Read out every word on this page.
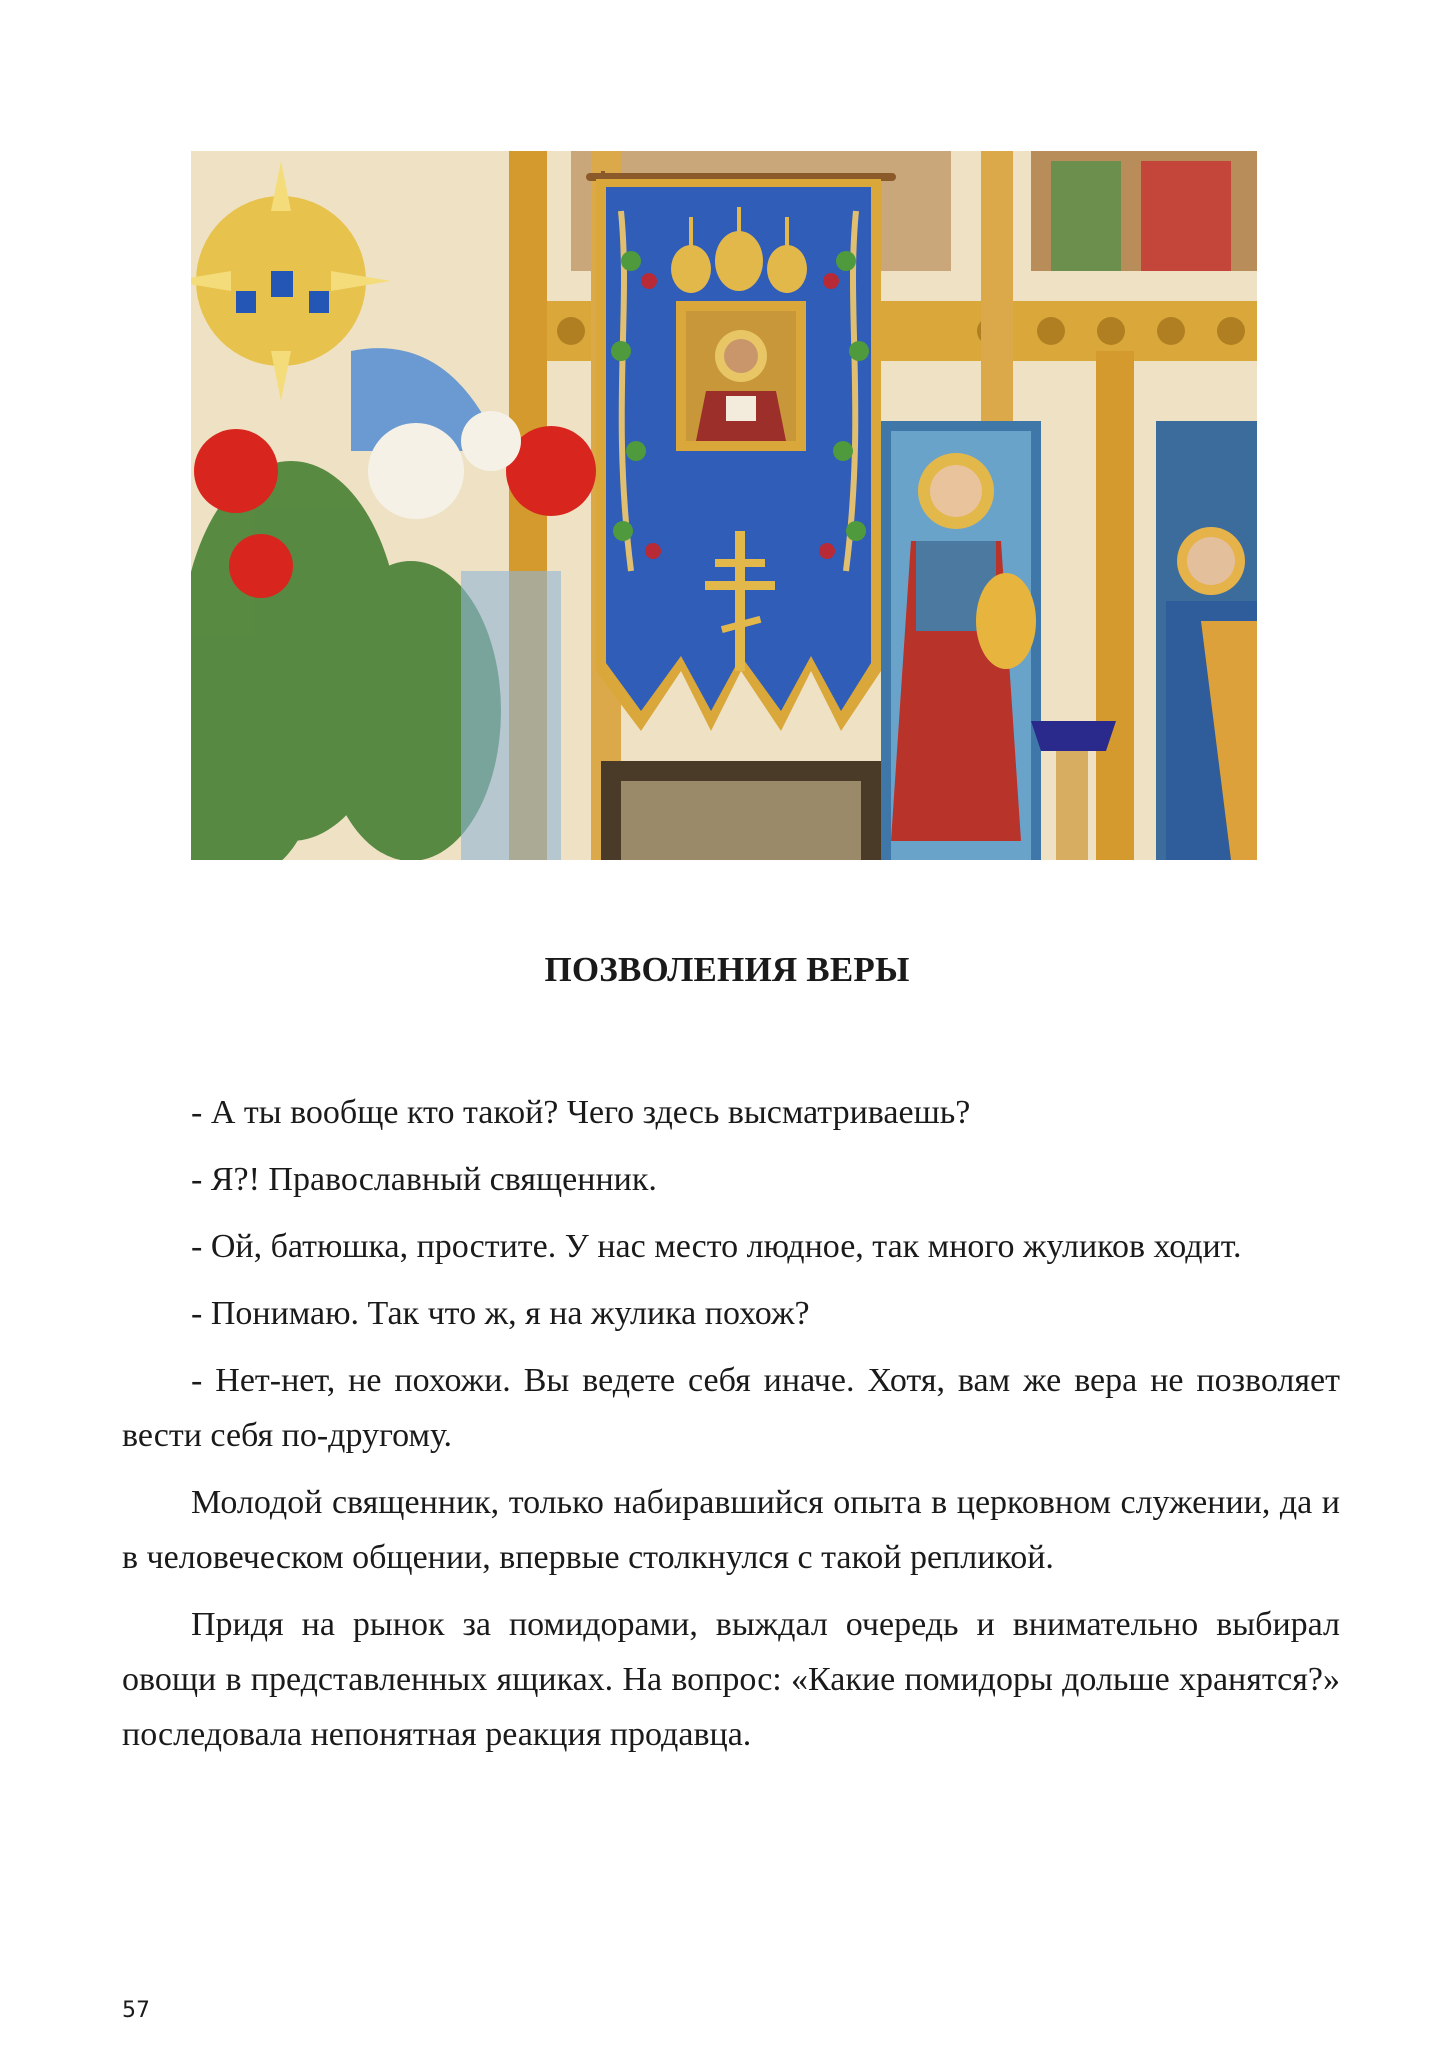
ПОЗВОЛЕНИЯ ВЕРЫ

- А ты вообще кто такой? Чего здесь высматриваешь?

- Я?! Православный священник.

- Ой, батюшка, простите. У нас место людное, так много жуликов ходит.

- Понимаю. Так что ж, я на жулика похож?

- Нет-нет, не похожи. Вы ведете себя иначе. Хотя, вам же вера не позволяет вести себя по-другому.

Молодой священник, только набиравшийся опыта в церковном служении, да и в человеческом общении, впервые столкнулся с такой репликой.

Придя на рынок за помидорами, выждал очередь и внимательно выбирал овощи в представленных ящиках. На вопрос: «Какие помидоры дольше хранятся?» последовала непонятная реакция продавца.

57
